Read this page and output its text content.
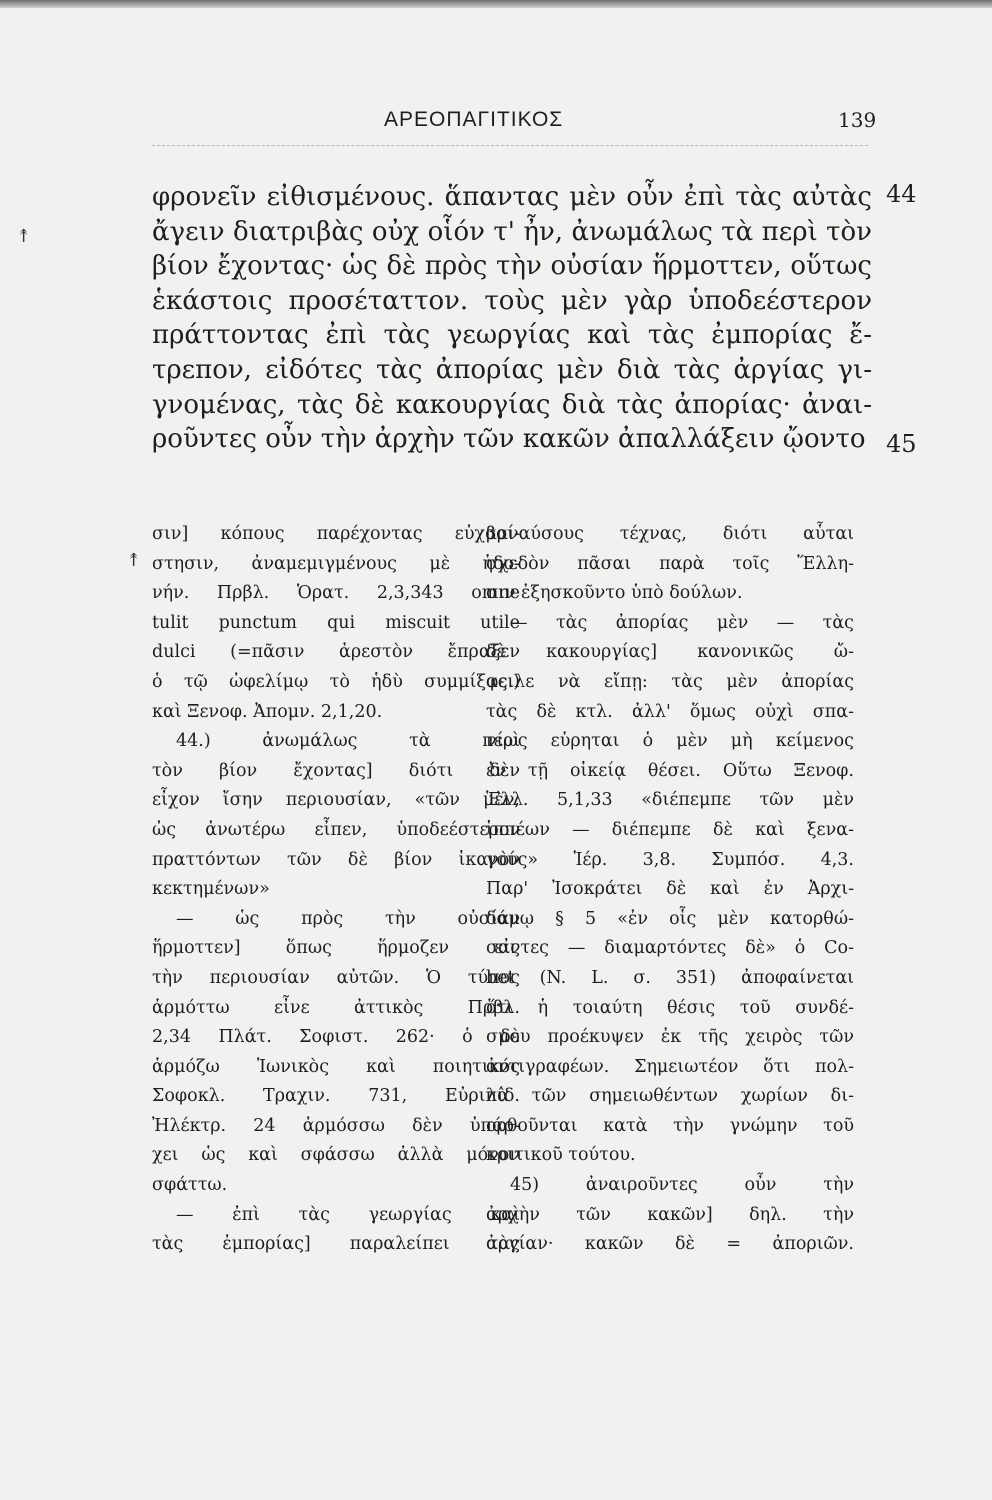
ΑΡΕΟΠΑΓΙΤΙΚΟΣ	139
φρονεῖν εἰθισμένους. ἅπαντας μὲν οὖν ἐπὶ τὰς αὐτὰς
ἄγειν διατριβὰς οὐχ οἷόν τ' ἦν, ἀνωμάλως τὰ περὶ τὸν
βίον ἔχοντας· ὡς δὲ πρὸς τὴν οὐσίαν ἥρμοττεν, οὕτως
ἑκάστοις προσέταττον. τοὺς μὲν γὰρ ὑποδεέστερον
πράττοντας ἐπὶ τὰς γεωργίας καὶ τὰς ἐμπορίας ἔ-
τρεπον, εἰδότες τὰς ἀπορίας μὲν διὰ τὰς ἀργίας γι-
γνομένας, τὰς δὲ κακουργίας διὰ τὰς ἀπορίας· ἀναι-
ροῦντες οὖν τὴν ἀρχὴν τῶν κακῶν ἀπαλλάξειν ᾤοντο
44
45
↟
↟
σιν] κόπους παρέχοντας εὐχαρί-
στησιν, ἀναμεμιγμένους μὲ ἡδο-
νήν. Πρβλ. Ὁρατ. 2,3,343 omne
tulit punctum qui miscuit utile
dulci (=πᾶσιν ἀρεστὸν ἔπραξεν
ὁ τῷ ὠφελίμῳ τὸ ἡδὺ συμμίξας.)
καὶ Ξενοφ. Ἀπομν. 2,1,20.
44.) ἀνωμάλως τὰ περὶ
τὸν βίον ἔχοντας] διότι δὲν
εἶχον ἴσην περιουσίαν, «τῶν μὲν,
ὡς ἀνωτέρω εἶπεν, ὑποδεέστερον
πραττόντων τῶν δὲ βίον ἱκανὸν
κεκτημένων»
— ὡς πρὸς τὴν οὐσίαν
ἥρμοττεν] ὅπως ἥρμοζεν εἰς
τὴν περιουσίαν αὐτῶν. Ὁ τύπος
ἁρμόττω εἶνε ἀττικὸς Πρβλ.
2,34 Πλάτ. Σοφιστ. 262· ὁ δὲ
ἁρμόζω Ἰωνικὸς καὶ ποιητικός
Σοφοκλ. Τραχιν. 731, Εὐριπίδ.
Ἠλέκτρ. 24 ἁρμόσσω δὲν ὑπάρ-
χει ὡς καὶ σφάσσω ἀλλὰ μόνον
σφάττω.
— ἐπὶ τὰς γεωργίας καὶ
τὰς ἐμπορίας] παραλείπει τὰς
βαναύσους τέχνας, διότι αὗται
σχεδὸν πᾶσαι παρὰ τοῖς Ἕλλη-
σιν ἐξησκοῦντο ὑπὸ δούλων.
— τὰς ἀπορίας μὲν — τὰς
δὲ κακουργίας] κανονικῶς ὤ-
φειλε νὰ εἴπῃ: τὰς μὲν ἀπορίας
τὰς δὲ κτλ. ἀλλ' ὅμως οὐχὶ σπα-
νίως εὑρηται ὁ μὲν μὴ κείμενος
ἐν τῇ οἰκείᾳ θέσει. Οὕτω Ξενοφ.
Ἑλλ. 5,1,33 «διέπεμπε τῶν μὲν
ἱππέων — διέπεμπε δὲ καὶ ξενα-
γούς» Ἱέρ. 3,8. Συμπόσ. 4,3.
Παρ' Ἰσοκράτει δὲ καὶ ἐν Ἀρχι-
δάμῳ § 5 «ἐν οἷς μὲν κατορθώ-
σαντες — διαμαρτόντες δὲ» ὁ Co-
bet (N. L. σ. 351) ἀποφαίνεται
ὅτι ἡ τοιαύτη θέσις τοῦ συνδέ-
σμου προέκυψεν ἐκ τῆς χειρὸς τῶν
ἀντιγραφέων. Σημειωτέον ὅτι πολ-
λὰ τῶν σημειωθέντων χωρίων δι-
ορθοῦνται κατὰ τὴν γνώμην τοῦ
κριτικοῦ τούτου.
45) ἀναιροῦντες οὖν τὴν
ἀρχὴν τῶν κακῶν] δηλ. τὴν
ἀργίαν· κακῶν δὲ = ἀποριῶν.
